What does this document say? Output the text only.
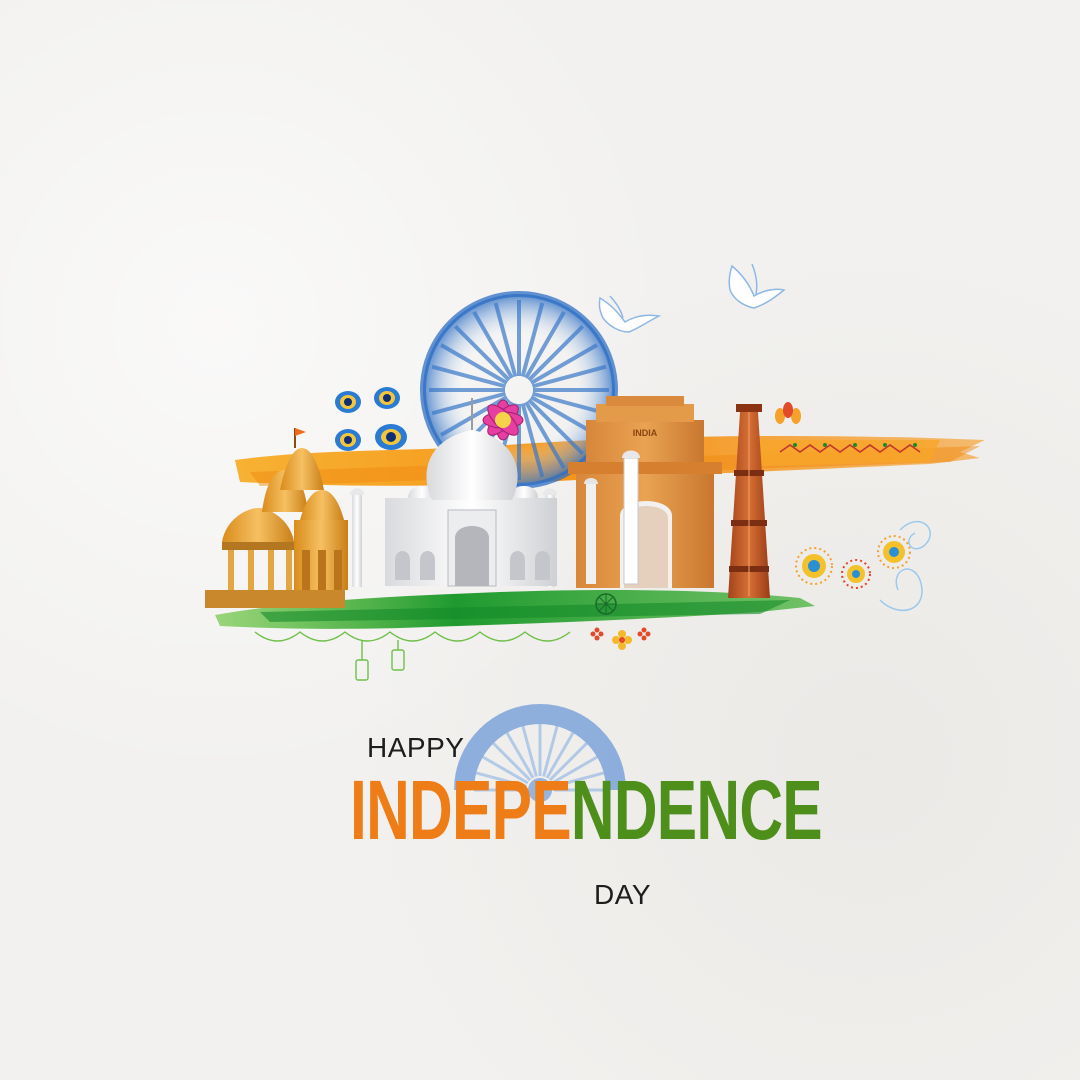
INDIA
HAPPY
INDEPENDENCE
DAY
